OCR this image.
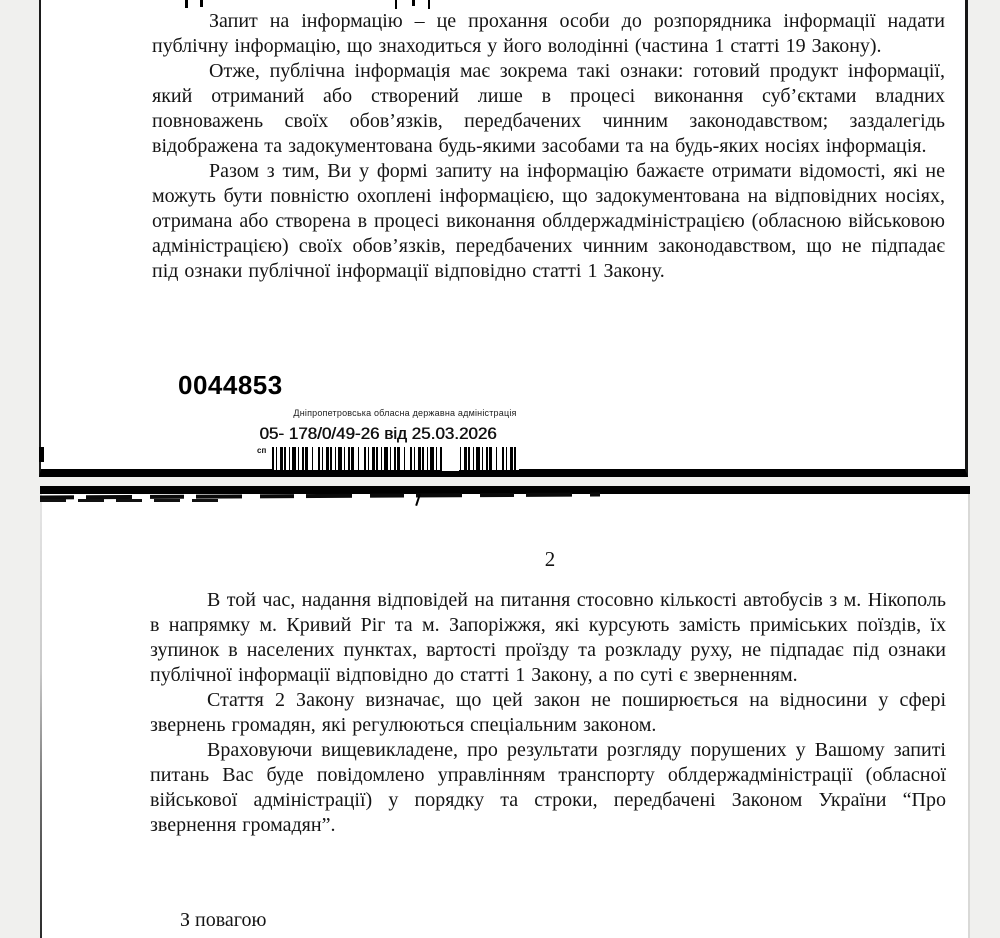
Запит на інформацію – це прохання особи до розпорядника інформації надати публічну інформацію, що знаходиться у його володінні (частина 1 статті 19 Закону).

Отже, публічна інформація має зокрема такі ознаки: готовий продукт інформації, який отриманий або створений лише в процесі виконання суб’єктами владних повноважень своїх обов’язків, передбачених чинним законодавством; заздалегідь відображена та задокументована будь-якими засобами та на будь-яких носіях інформація.

Разом з тим, Ви у формі запиту на інформацію бажаєте отримати відомості, які не можуть бути повністю охоплені інформацією, що задокументована на відповідних носіях, отримана або створена в процесі виконання облдержадміністрацією (обласною військовою адміністрацією) своїх обов’язків, передбачених чинним законодавством, що не підпадає під ознаки публічної інформації відповідно статті 1 Закону.

0044853
Дніпропетровська обласна державна адміністрація
05- 178/0/49-26 від 25.03.2026
сп
2

В той час, надання відповідей на питання стосовно кількості автобусів з м. Нікополь в напрямку м. Кривий Ріг та м. Запоріжжя, які курсують замість приміських поїздів, їх зупинок в населених пунктах, вартості проїзду та розкладу руху, не підпадає під ознаки публічної інформації відповідно до статті 1 Закону, а по суті є зверненням.

Стаття 2 Закону визначає, що цей закон не поширюється на відносини у сфері звернень громадян, які регулюються спеціальним законом.

Враховуючи вищевикладене, про результати розгляду порушених у Вашому запиті питань Вас буде повідомлено управлінням транспорту облдержадміністрації (обласної військової адміністрації) у порядку та строки, передбачені Законом України “Про звернення громадян”.

З повагою
